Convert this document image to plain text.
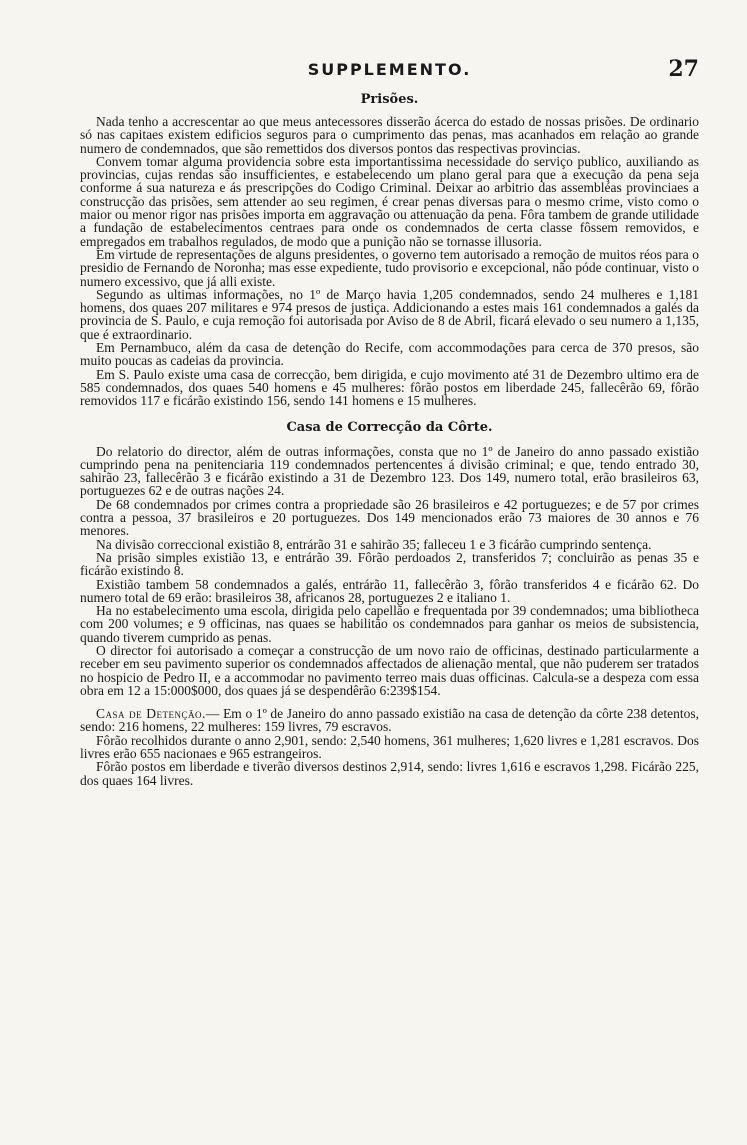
SUPPLEMENTO.	27
Prisões.

Nada tenho a accrescentar ao que meus antecessores disserão ácerca do estado de nossas prisões. De ordinario só nas capitaes existem edificios seguros para o cumprimento das penas, mas acanhados em relação ao grande numero de condemnados, que são remettidos dos diversos pontos das respectivas provincias.

Convem tomar alguma providencia sobre esta importantissima necessidade do serviço publico, auxiliando as provincias, cujas rendas são insufficientes, e estabelecendo um plano geral para que a execução da pena seja conforme á sua natureza e ás prescripções do Codigo Criminal. Deixar ao arbitrio das assembléas provinciaes a construcção das prisões, sem attender ao seu regimen, é crear penas diversas para o mesmo crime, visto como o maior ou menor rigor nas prisões importa em aggravação ou attenuação da pena. Fôra tambem de grande utilidade a fundação de estabelecimentos centraes para onde os condemnados de certa classe fôssem removidos, e empregados em trabalhos regulados, de modo que a punição não se tornasse illusoria.

Em virtude de representações de alguns presidentes, o governo tem autorisado a remoção de muitos réos para o presidio de Fernando de Noronha; mas esse expediente, tudo provisorio e excepcional, não póde continuar, visto o numero excessivo, que já alli existe.

Segundo as ultimas informações, no 1º de Março havia 1,205 condemnados, sendo 24 mulheres e 1,181 homens, dos quaes 207 militares e 974 presos de justiça. Addicionando a estes mais 161 condemnados a galés da provincia de S. Paulo, e cuja remoção foi autorisada por Aviso de 8 de Abril, ficará elevado o seu numero a 1,135, que é extraordinario.

Em Pernambuco, além da casa de detenção do Recife, com accommodações para cerca de 370 presos, são muito poucas as cadeias da provincia.

Em S. Paulo existe uma casa de correcção, bem dirigida, e cujo movimento até 31 de Dezembro ultimo era de 585 condemnados, dos quaes 540 homens e 45 mulheres: fôrão postos em liberdade 245, fallecêrão 69, fôrão removidos 117 e ficárão existindo 156, sendo 141 homens e 15 mulheres.

Casa de Correcção da Côrte.

Do relatorio do director, além de outras informações, consta que no 1º de Janeiro do anno passado existião cumprindo pena na penitenciaria 119 condemnados pertencentes á divisão criminal; e que, tendo entrado 30, sahirão 23, fallecêrão 3 e ficárão existindo a 31 de Dezembro 123. Dos 149, numero total, erão brasileiros 63, portuguezes 62 e de outras nações 24.

De 68 condemnados por crimes contra a propriedade são 26 brasileiros e 42 portuguezes; e de 57 por crimes contra a pessoa, 37 brasileiros e 20 portuguezes. Dos 149 mencionados erão 73 maiores de 30 annos e 76 menores.

Na divisão correccional existião 8, entrárão 31 e sahirão 35; falleceu 1 e 3 ficárão cumprindo sentença.

Na prisão simples existião 13, e entrárão 39. Fôrão perdoados 2, transferidos 7; concluirão as penas 35 e ficárão existindo 8.

Existião tambem 58 condemnados a galés, entrárão 11, fallecêrão 3, fôrão transferidos 4 e ficárão 62. Do numero total de 69 erão: brasileiros 38, africanos 28, portuguezes 2 e italiano 1.

Ha no estabelecimento uma escola, dirigida pelo capellão e frequentada por 39 condemnados; uma bibliotheca com 200 volumes; e 9 officinas, nas quaes se habilitão os condemnados para ganhar os meios de subsistencia, quando tiverem cumprido as penas.

O director foi autorisado a começar a construcção de um novo raio de officinas, destinado particularmente a receber em seu pavimento superior os condemnados affectados de alienação mental, que não puderem ser tratados no hospicio de Pedro II, e a accommodar no pavimento terreo mais duas officinas. Calcula-se a despeza com essa obra em 12 a 15:000$000, dos quaes já se despendêrão 6:239$154.

Casa de Detenção.— Em o 1º de Janeiro do anno passado existião na casa de detenção da côrte 238 detentos, sendo: 216 homens, 22 mulheres: 159 livres, 79 escravos.

Fôrão recolhidos durante o anno 2,901, sendo: 2,540 homens, 361 mulheres; 1,620 livres e 1,281 escravos. Dos livres erão 655 nacionaes e 965 estrangeiros.

Fôrão postos em liberdade e tiverão diversos destinos 2,914, sendo: livres 1,616 e escravos 1,298. Ficárão 225, dos quaes 164 livres.
